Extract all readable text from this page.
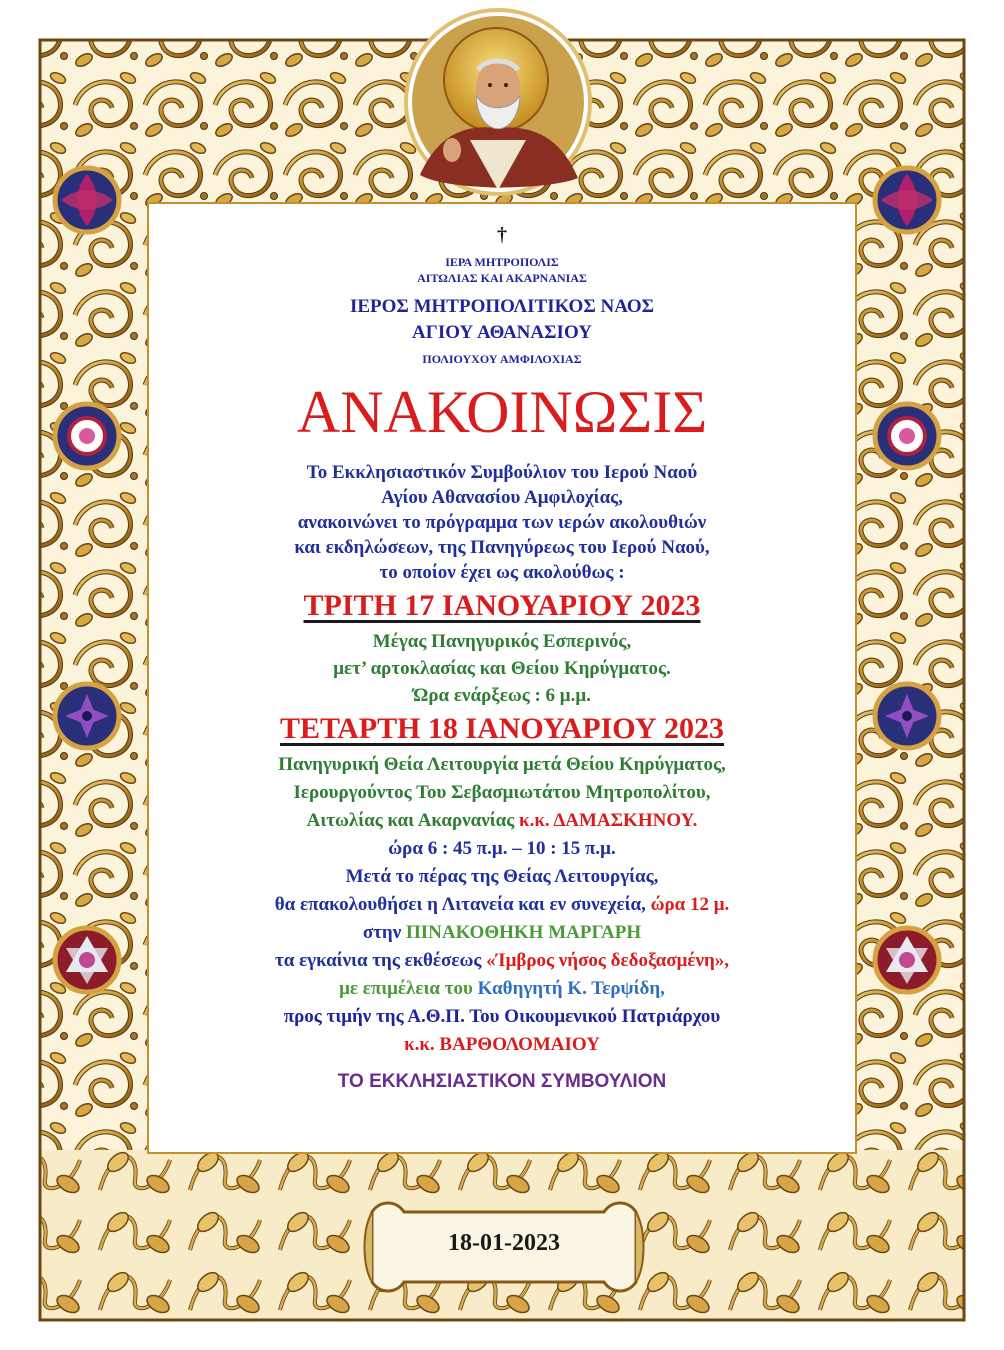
†
ΙΕΡΑ ΜΗΤΡΟΠΟΛΙΣ
ΑΙΤΩΛΙΑΣ ΚΑΙ ΑΚΑΡΝΑΝΙΑΣ
ΙΕΡΟΣ ΜΗΤΡΟΠΟΛΙΤΙΚΟΣ ΝΑΟΣ
ΑΓΙΟΥ ΑΘΑΝΑΣΙΟΥ
ΠΟΛΙΟΥΧΟΥ ΑΜΦΙΛΟΧΙΑΣ
ΑΝΑΚΟΙΝΩΣΙΣ
Το Εκκλησιαστικόν Συμβούλιον του Ιερού Ναού
Αγίου Αθανασίου Αμφιλοχίας,
ανακοινώνει το πρόγραμμα των ιερών ακολουθιών
και εκδηλώσεων, της Πανηγύρεως του Ιερού Ναού,
το οποίον έχει ως ακολούθως :
ΤΡΙΤΗ 17 ΙΑΝΟΥΑΡΙΟΥ 2023
Μέγας Πανηγυρικός Εσπερινός,
μετ’ αρτοκλασίας και Θείου Κηρύγματος.
Ώρα ενάρξεως : 6 μ.μ.
ΤΕΤΑΡΤΗ 18 ΙΑΝΟΥΑΡΙΟΥ 2023
Πανηγυρική Θεία Λειτουργία μετά Θείου Κηρύγματος,
Ιερουργούντος Του Σεβασμιωτάτου Μητροπολίτου,
Αιτωλίας και Ακαρνανίας κ.κ. ΔΑΜΑΣΚΗΝΟΥ.
ώρα 6 : 45 π.μ. – 10 : 15 π.μ.
Μετά το πέρας της Θείας Λειτουργίας,
θα επακολουθήσει η Λιτανεία και εν συνεχεία, ώρα 12 μ.
στην ΠΙΝΑΚΟΘΗΚΗ ΜΑΡΓΑΡΗ
τα εγκαίνια της εκθέσεως «Ίμβρος νήσος δεδοξασμένη»,
με επιμέλεια του Καθηγητή Κ. Τερψίδη,
προς τιμήν της Α.Θ.Π. Του Οικουμενικού Πατριάρχου
κ.κ. ΒΑΡΘΟΛΟΜΑΙΟΥ
ΤΟ ΕΚΚΛΗΣΙΑΣΤΙΚΟΝ ΣΥΜΒΟΥΛΙΟΝ
18-01-2023
